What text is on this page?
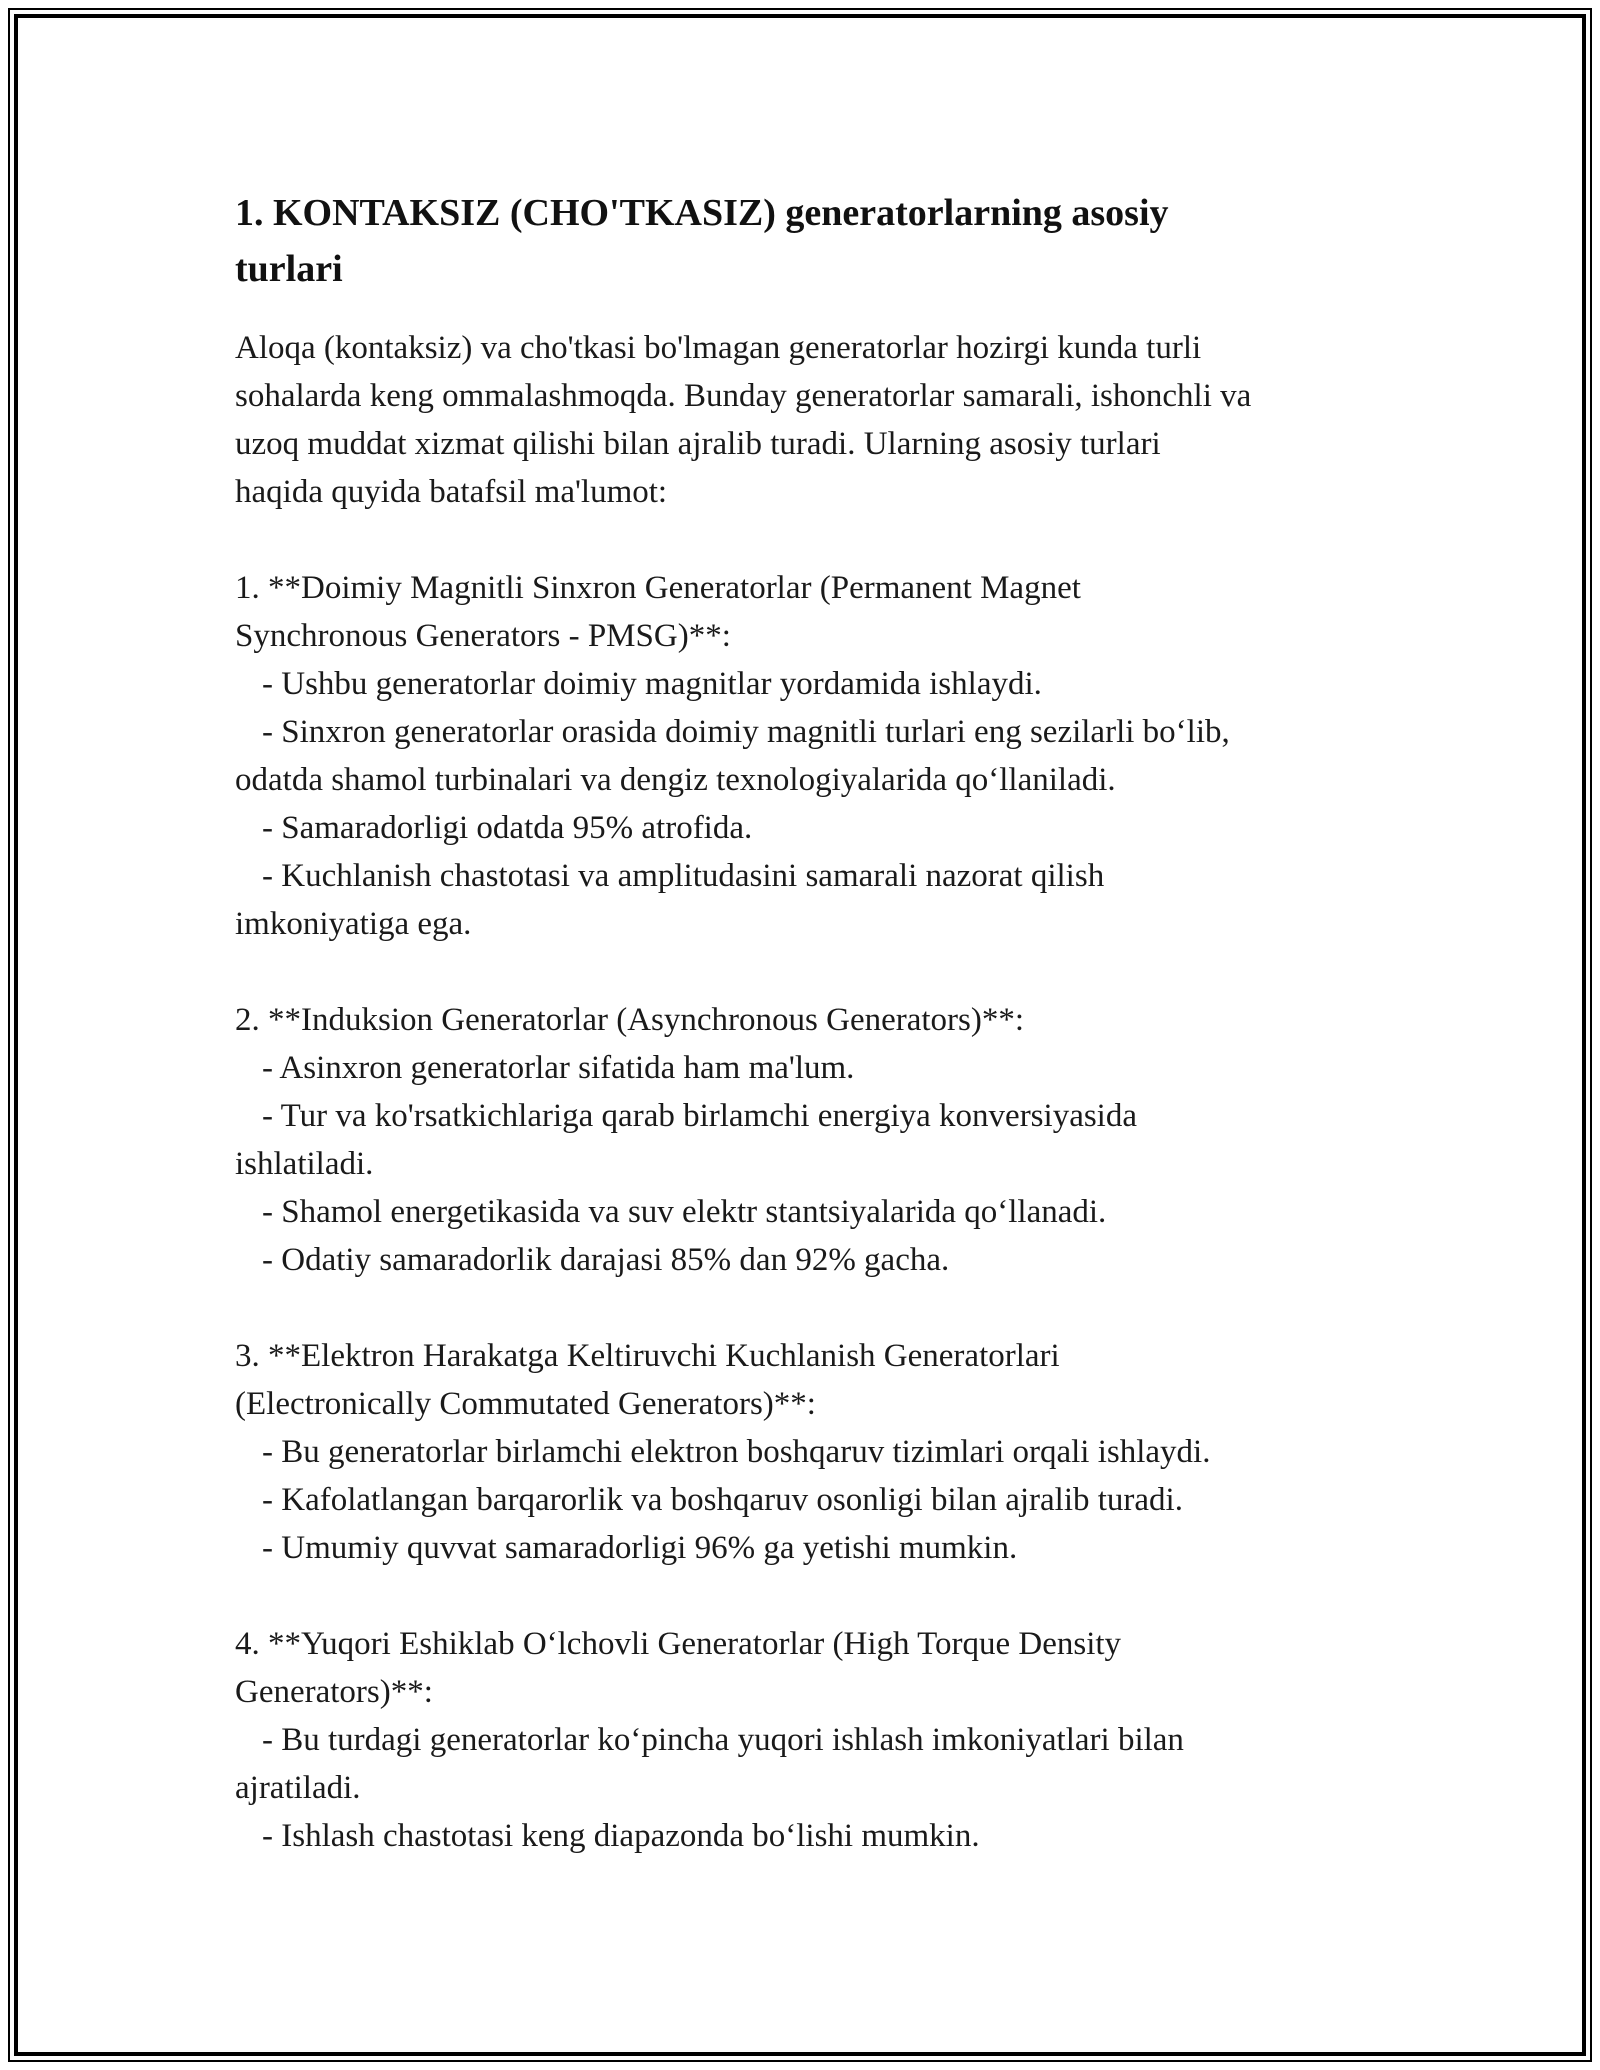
1. KONTAKSIZ (CHO'TKASIZ) generatorlarning asosiy
turlari

Aloqa (kontaksiz) va cho'tkasi bo'lmagan generatorlar hozirgi kunda turli
sohalarda keng ommalashmoqda. Bunday generatorlar samarali, ishonchli va
uzoq muddat xizmat qilishi bilan ajralib turadi. Ularning asosiy turlari
haqida quyida batafsil ma'lumot:

1. **Doimiy Magnitli Sinxron Generatorlar (Permanent Magnet
Synchronous Generators - PMSG)**:
- Ushbu generatorlar doimiy magnitlar yordamida ishlaydi.
- Sinxron generatorlar orasida doimiy magnitli turlari eng sezilarli bo‘lib,
odatda shamol turbinalari va dengiz texnologiyalarida qo‘llaniladi.
- Samaradorligi odatda 95% atrofida.
- Kuchlanish chastotasi va amplitudasini samarali nazorat qilish
imkoniyatiga ega.
2. **Induksion Generatorlar (Asynchronous Generators)**:
- Asinxron generatorlar sifatida ham ma'lum.
- Tur va ko'rsatkichlariga qarab birlamchi energiya konversiyasida
ishlatiladi.
- Shamol energetikasida va suv elektr stantsiyalarida qo‘llanadi.
- Odatiy samaradorlik darajasi 85% dan 92% gacha.
3. **Elektron Harakatga Keltiruvchi Kuchlanish Generatorlari
(Electronically Commutated Generators)**:
- Bu generatorlar birlamchi elektron boshqaruv tizimlari orqali ishlaydi.
- Kafolatlangan barqarorlik va boshqaruv osonligi bilan ajralib turadi.
- Umumiy quvvat samaradorligi 96% ga yetishi mumkin.
4. **Yuqori Eshiklab O‘lchovli Generatorlar (High Torque Density
Generators)**:
- Bu turdagi generatorlar ko‘pincha yuqori ishlash imkoniyatlari bilan
ajratiladi.
- Ishlash chastotasi keng diapazonda bo‘lishi mumkin.
